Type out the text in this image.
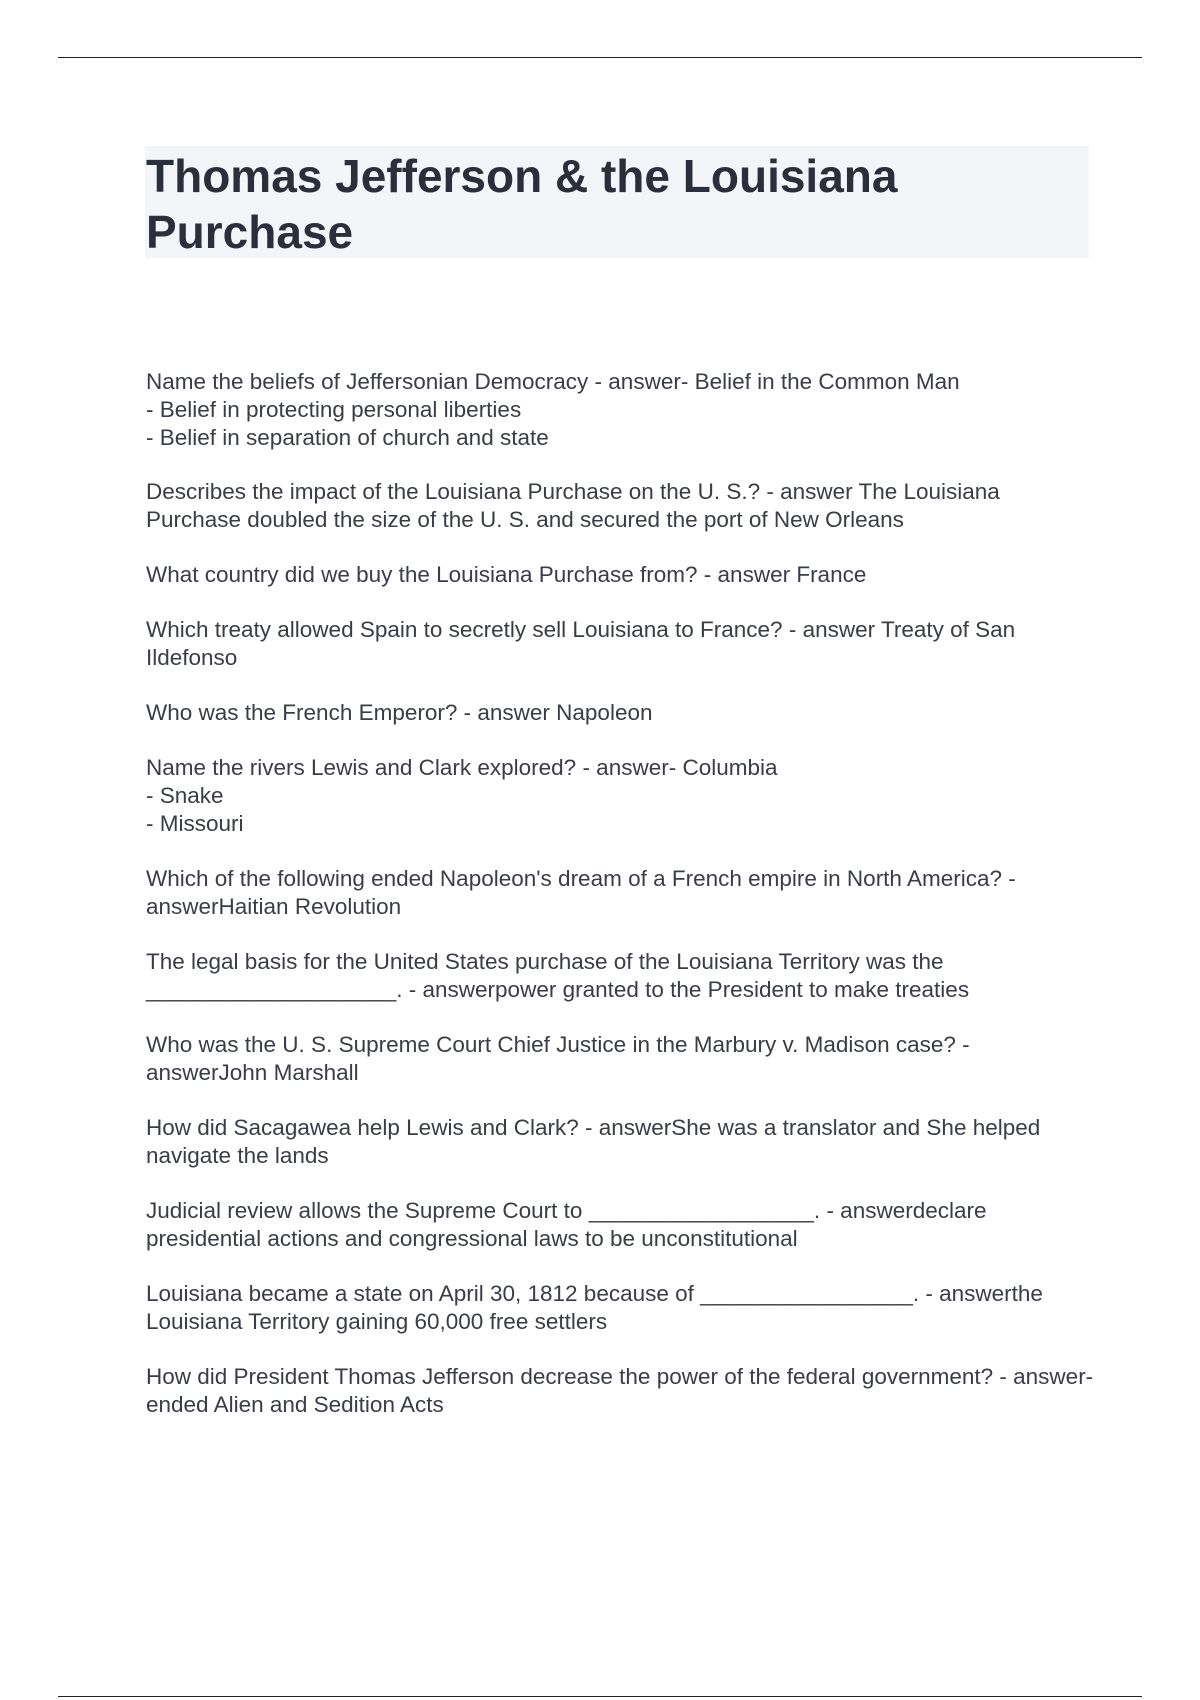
Thomas Jefferson & the Louisiana Purchase

Name the beliefs of Jeffersonian Democracy - answer- Belief in the Common Man
- Belief in protecting personal liberties
- Belief in separation of church and state

Describes the impact of the Louisiana Purchase on the U. S.? - answer The Louisiana Purchase doubled the size of the U. S. and secured the port of New Orleans

What country did we buy the Louisiana Purchase from? - answer France

Which treaty allowed Spain to secretly sell Louisiana to France? - answer Treaty of San Ildefonso

Who was the French Emperor? - answer Napoleon

Name the rivers Lewis and Clark explored? - answer- Columbia
- Snake
- Missouri

Which of the following ended Napoleon's dream of a French empire in North America? - answerHaitian Revolution

The legal basis for the United States purchase of the Louisiana Territory was the ____________________. - answerpower granted to the President to make treaties

Who was the U. S. Supreme Court Chief Justice in the Marbury v. Madison case? - answerJohn Marshall

How did Sacagawea help Lewis and Clark? - answerShe was a translator and She helped navigate the lands

Judicial review allows the Supreme Court to __________________. - answerdeclare presidential actions and congressional laws to be unconstitutional

Louisiana became a state on April 30, 1812 because of _________________. - answerthe Louisiana Territory gaining 60,000 free settlers

How did President Thomas Jefferson decrease the power of the federal government? - answer- ended Alien and Sedition Acts
